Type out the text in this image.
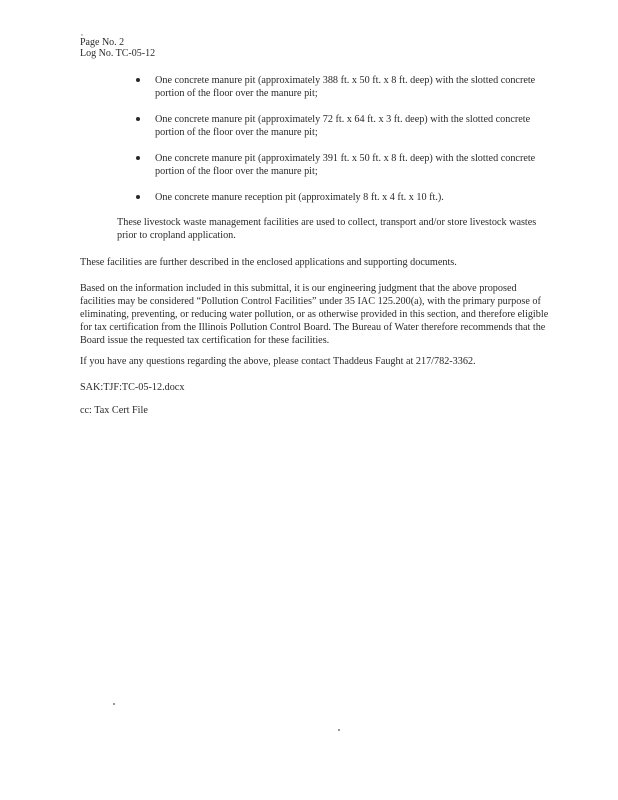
,
Page No. 2
Log No. TC-05-12
One concrete manure pit (approximately 388 ft. x 50 ft. x 8 ft. deep) with the slotted concrete portion of the floor over the manure pit;
One concrete manure pit (approximately 72 ft. x 64 ft. x 3 ft. deep) with the slotted concrete portion of the floor over the manure pit;
One concrete manure pit (approximately 391 ft. x 50 ft. x 8 ft. deep) with the slotted concrete portion of the floor over the manure pit;
One concrete manure reception pit (approximately 8 ft. x 4 ft. x 10 ft.).
These livestock waste management facilities are used to collect, transport and/or store livestock wastes prior to cropland application.
These facilities are further described in the enclosed applications and supporting documents.
Based on the information included in this submittal, it is our engineering judgment that the above proposed facilities may be considered “Pollution Control Facilities” under 35 IAC 125.200(a), with the primary purpose of eliminating, preventing, or reducing water pollution, or as otherwise provided in this section, and therefore eligible for tax certification from the Illinois Pollution Control Board. The Bureau of Water therefore recommends that the Board issue the requested tax certification for these facilities.
If you have any questions regarding the above, please contact Thaddeus Faught at 217/782-3362.
SAK:TJF:TC-05-12.docx
cc: Tax Cert File
